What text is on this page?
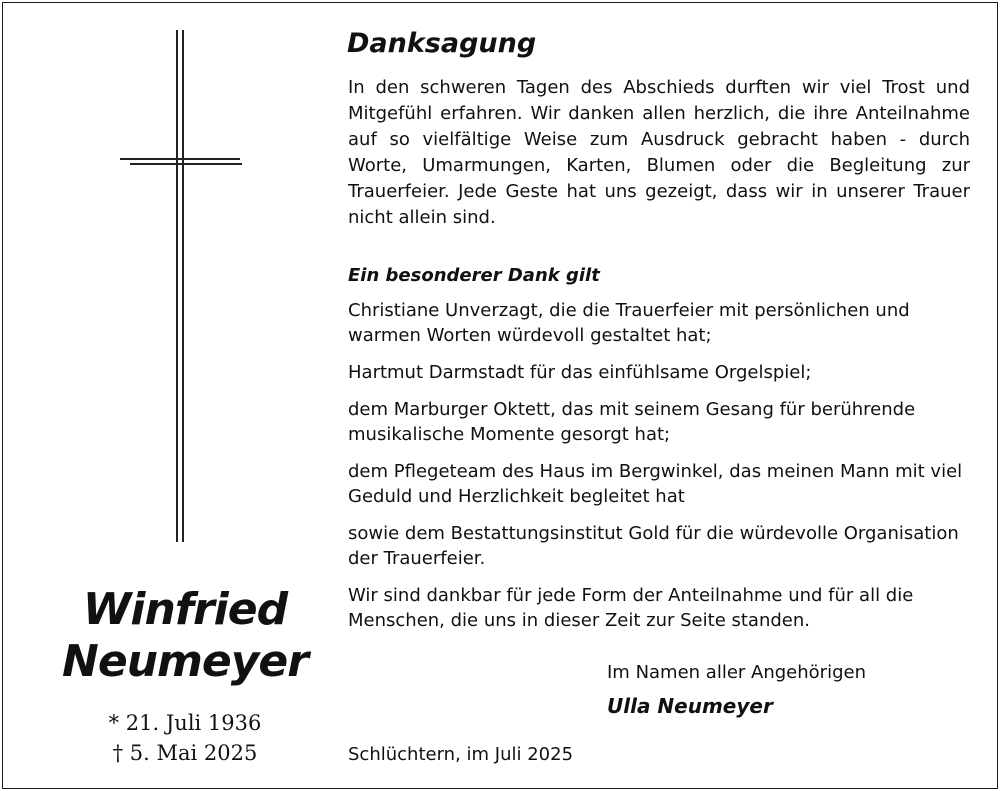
Winfried
Neumeyer
* 21. Juli 1936
† 5. Mai 2025
Danksagung
In den schweren Tagen des Abschieds durften wir viel Trost und Mitgefühl erfahren. Wir danken allen herzlich, die ihre Anteilnahme auf so vielfältige Weise zum Ausdruck gebracht haben - durch Worte, Umarmungen, Karten, Blumen oder die Begleitung zur Trauerfeier. Jede Geste hat uns gezeigt, dass wir in unserer Trauer nicht allein sind.
Ein besonderer Dank gilt

Christiane Unverzagt, die die Trauerfeier mit persönlichen und warmen Worten würdevoll gestaltet hat;

Hartmut Darmstadt für das einfühlsame Orgelspiel;

dem Marburger Oktett, das mit seinem Gesang für berührende musikalische Momente gesorgt hat;

dem Pflegeteam des Haus im Bergwinkel, das meinen Mann mit viel Geduld und Herzlichkeit begleitet hat

sowie dem Bestattungsinstitut Gold für die würdevolle Organisation der Trauerfeier.

Wir sind dankbar für jede Form der Anteilnahme und für all die Menschen, die uns in dieser Zeit zur Seite standen.

Im Namen aller Angehörigen
Ulla Neumeyer
Schlüchtern, im Juli 2025
